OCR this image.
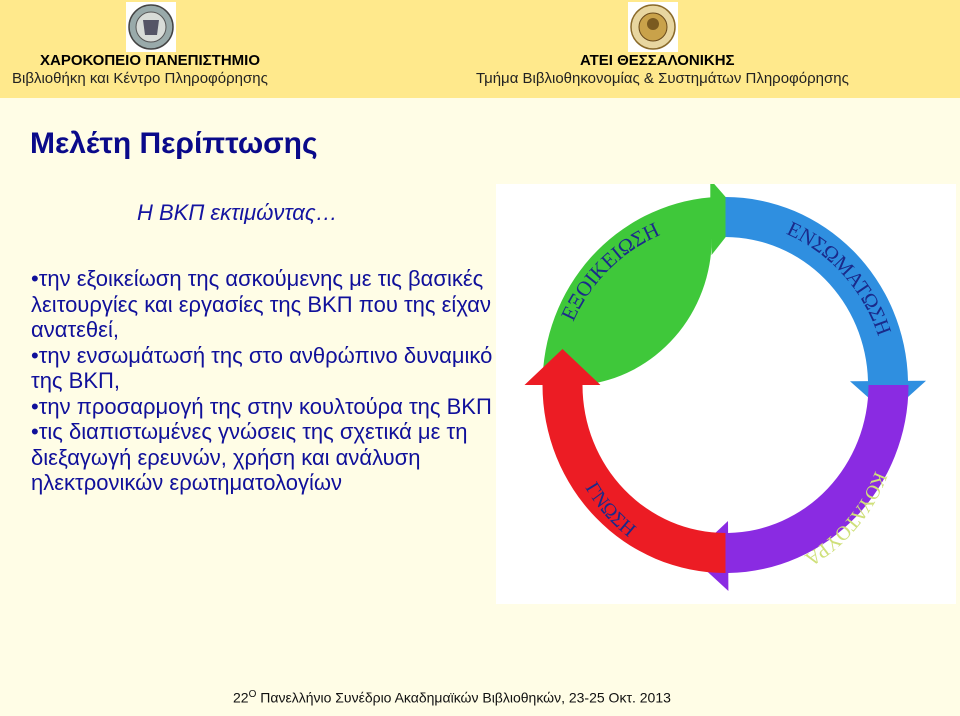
ΧΑΡΟΚΟΠΕΙΟ ΠΑΝΕΠΙΣΤΗΜΙΟ
Βιβλιοθήκη και Κέντρο Πληροφόρησης
ΑΤΕΙ ΘΕΣΣΑΛΟΝΙΚΗΣ
Τμήμα Βιβλιοθηκονομίας & Συστημάτων Πληροφόρησης
Μελέτη Περίπτωσης
Η ΒΚΠ εκτιμώντας…

•την εξοικείωση της ασκούμενης με τις βασικές λειτουργίες και εργασίες της ΒΚΠ που της είχαν ανατεθεί,

•την ενσωμάτωσή της στο ανθρώπινο δυναμικό της ΒΚΠ,

•την προσαρμογή της στην κουλτούρα της ΒΚΠ

•τις διαπιστωμένες γνώσεις της σχετικά με τη διεξαγωγή ερευνών, χρήση και ανάλυση ηλεκτρονικών ερωτηματολογίων

ΕΞΟΙΚΕΙΩΣΗ	ΕΝΣΩΜΑΤΩΣΗ
ΚΟΥΛΤΟΥΡΑ
ΓΝΩΣΗ
$22^O$ Πανελλήνιο Συνέδριο Ακαδημαϊκών Βιβλιοθηκών, 23-25 Οκτ. 2013
